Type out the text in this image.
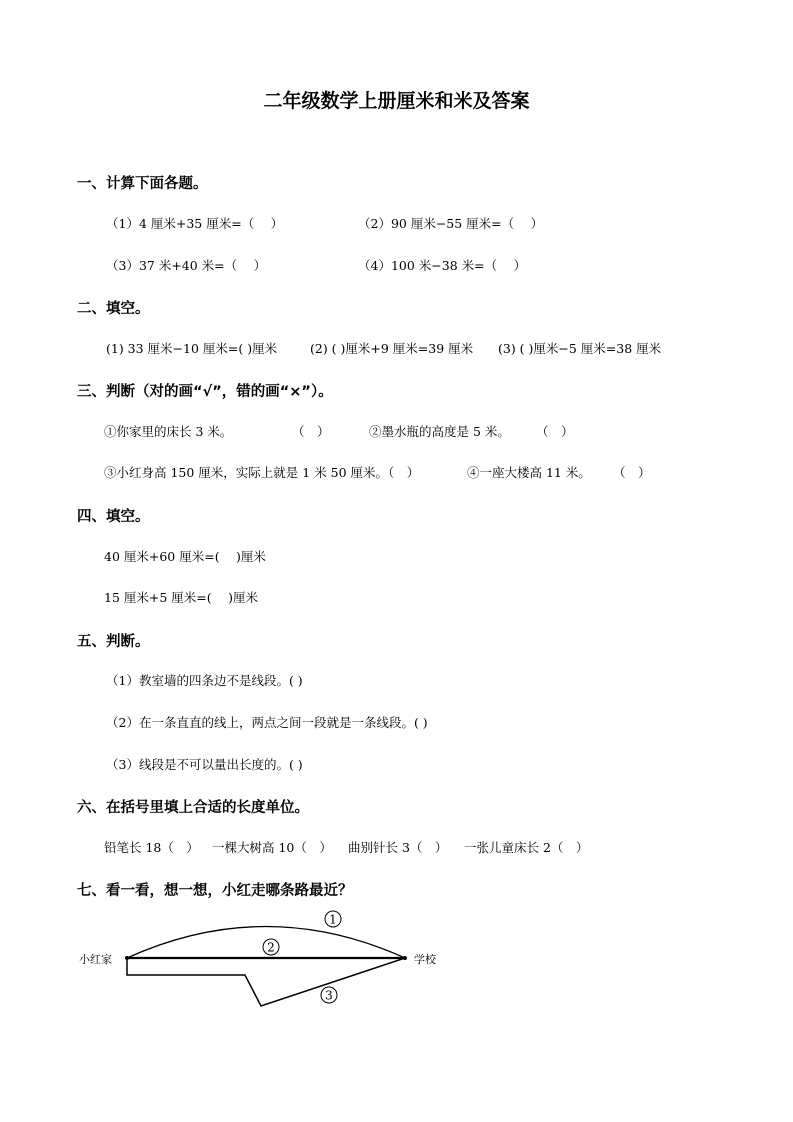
二年级数学上册厘米和米及答案
一、计算下面各题。
（1）4 厘米+35 厘米=（　 ）	（2）90 厘米−55 厘米=（　 ）
（3）37 米+40 米=（　 ）	（4）100 米−38 米=（　 ）
二、填空。
(1) 33 厘米−10 厘米=( )厘米	(2) ( )厘米+9 厘米=39 厘米 (3) ( )厘米−5 厘米=38 厘米
三、判断（对的画“√”，错的画“×”）。
①你家里的床长 3 米。	（　）	②墨水瓶的高度是 5 米。 （　）
③小红身高 150 厘米，实际上就是 1 米 50 厘米。（　）	④一座大楼高 11 米。 （　）
四、填空。
40 厘米+60 厘米=(　 )厘米
15 厘米+5 厘米=(　 )厘米
五、判断。
（1）教室墙的四条边不是线段。( )
（2）在一条直直的线上，两点之间一段就是一条线段。( )
（3）线段是不可以量出长度的。( )
六、在括号里填上合适的长度单位。
铅笔长 18（　） 一棵大树高 10（　） 曲别针长 3（　） 一张儿童床长 2（　）
七、看一看，想一想，小红走哪条路最近？
小红家	学校
1
2
3
